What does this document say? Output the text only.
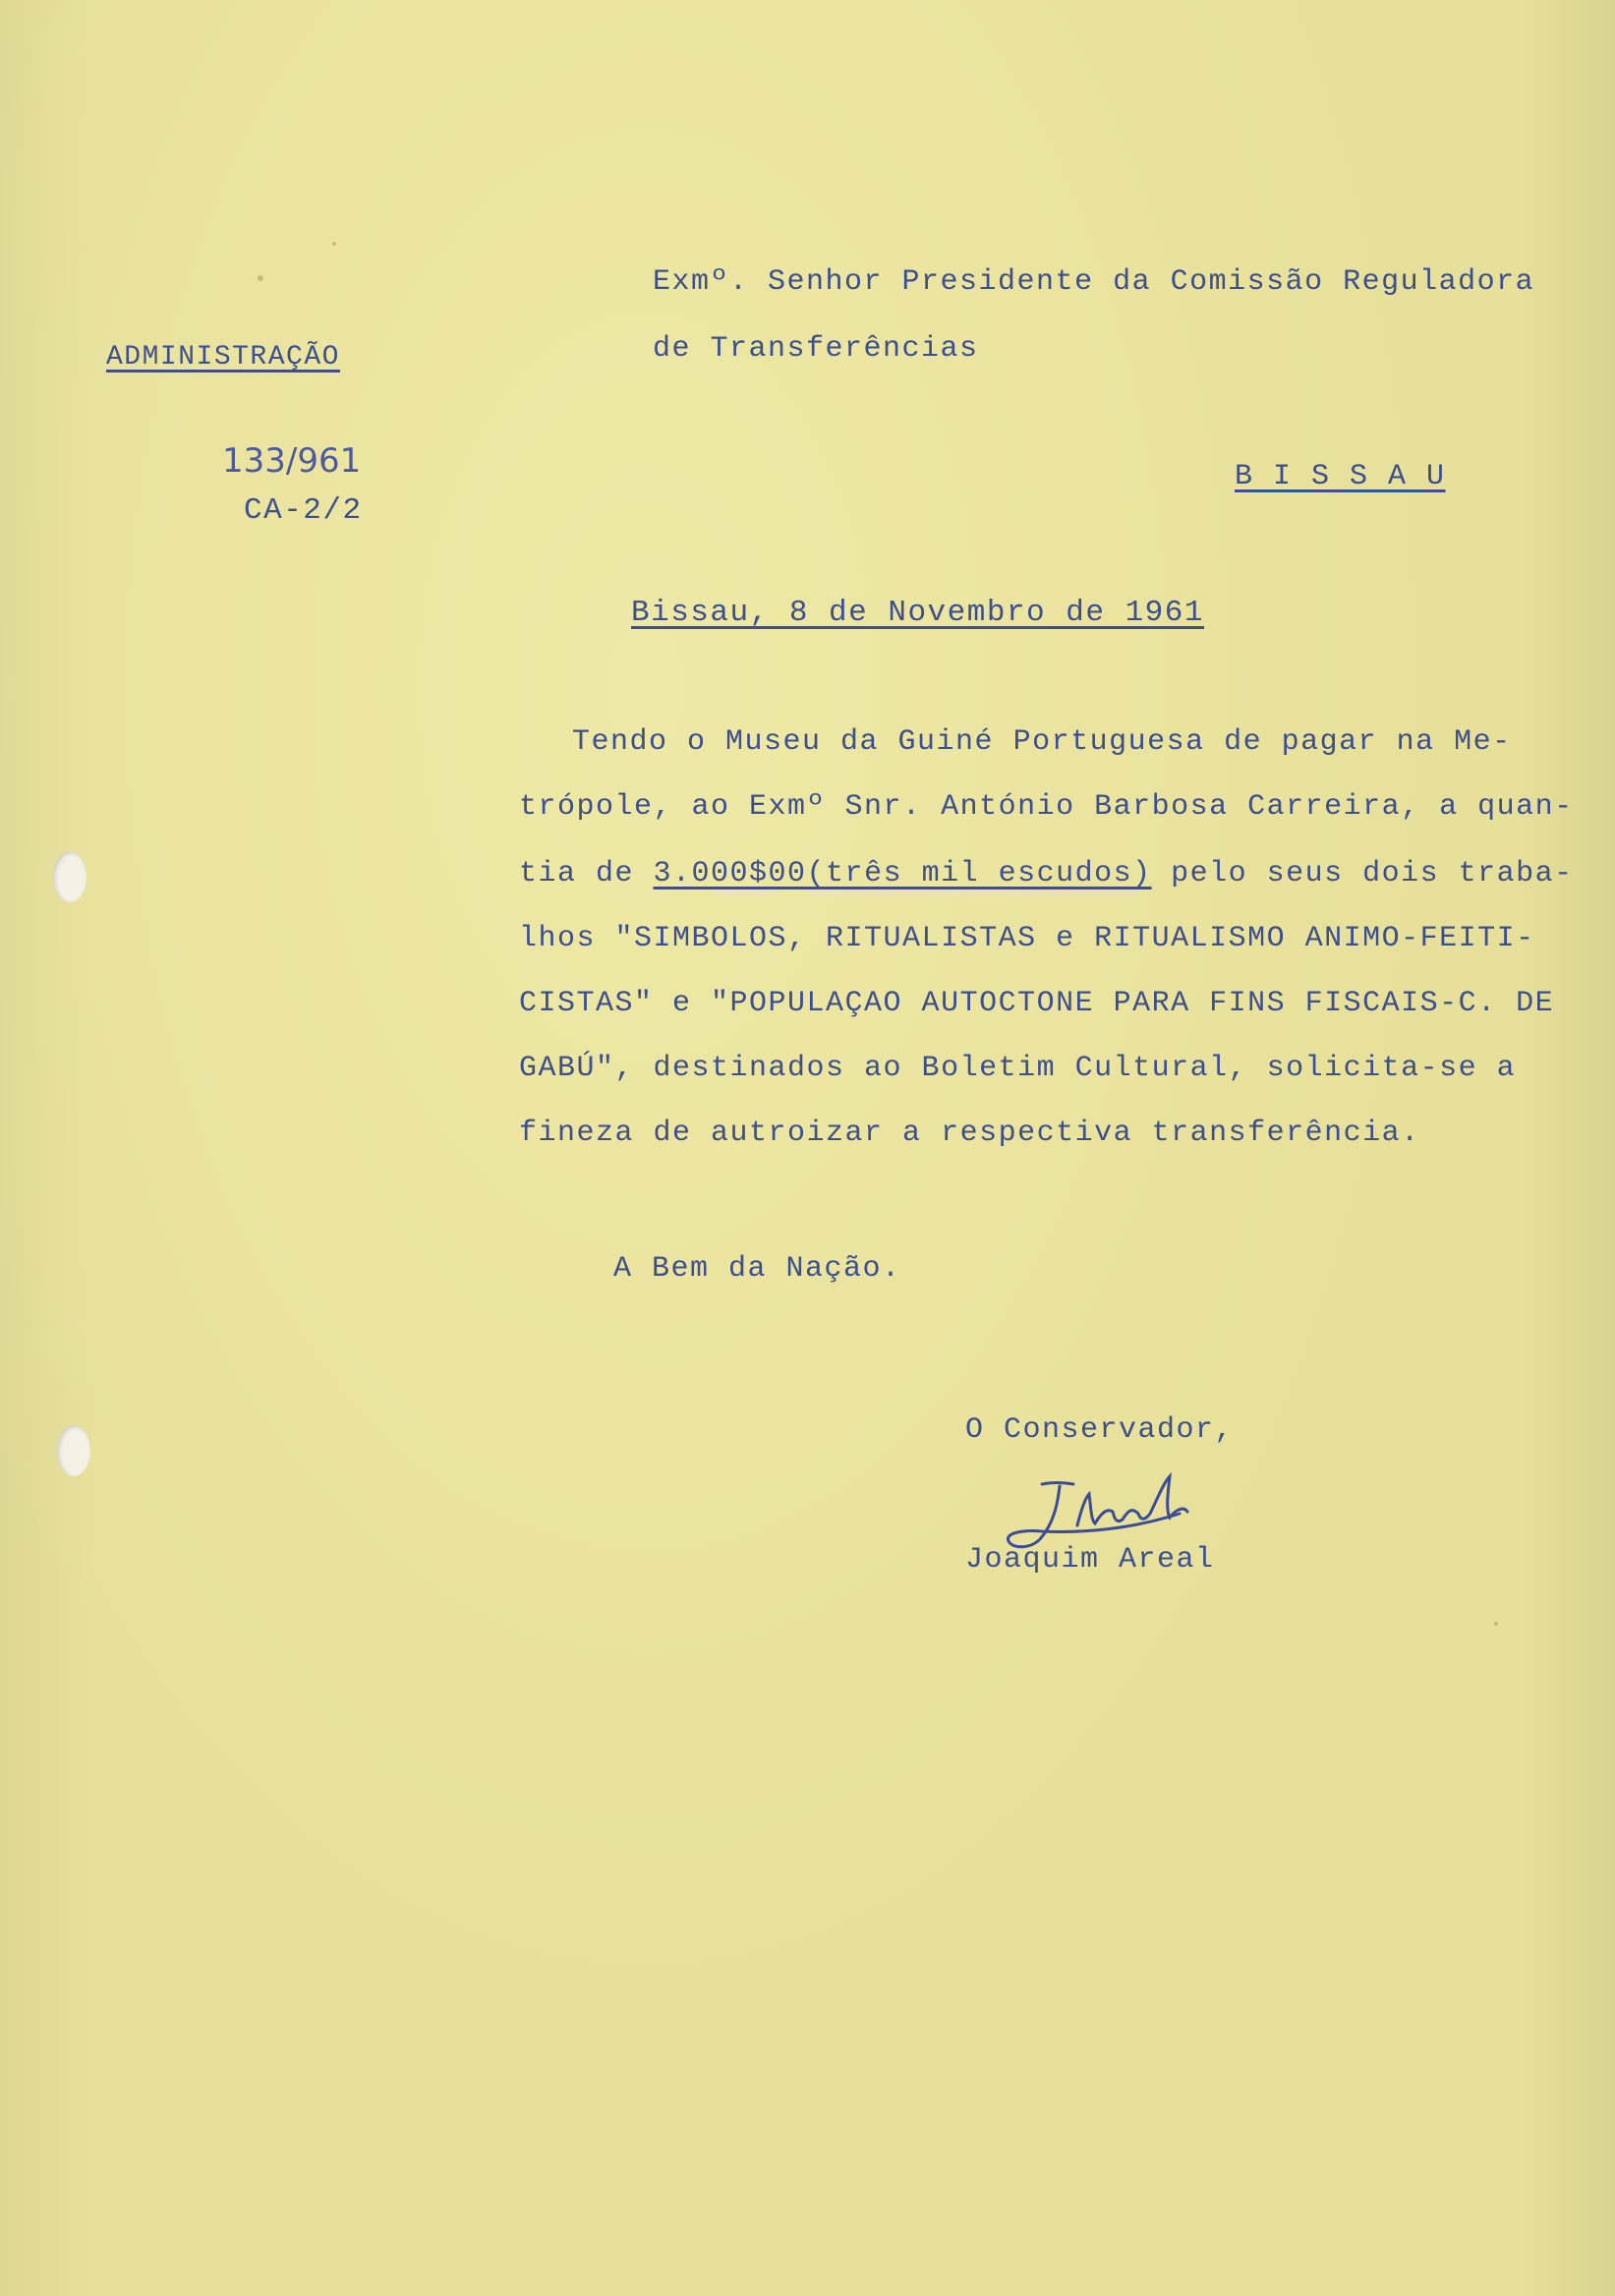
ADMINISTRAÇÃO
133/961
CA-2/2
Exmº. Senhor Presidente da Comissão Reguladora
de Transferências
B I S S A U
Bissau, 8 de Novembro de 1961
Tendo o Museu da Guiné Portuguesa de pagar na Me-
trópole, ao Exmº Snr. António Barbosa Carreira, a quan-
tia de 3.000$00(três mil escudos) pelo seus dois traba-
lhos "SIMBOLOS, RITUALISTAS e RITUALISMO ANIMO-FEITI-
CISTAS" e "POPULAÇAO AUTOCTONE PARA FINS FISCAIS-C. DE
GABÚ", destinados ao Boletim Cultural, solicita-se a
fineza de autroizar a respectiva transferência.
A Bem da Nação.
O Conservador,
Joaquim Areal
